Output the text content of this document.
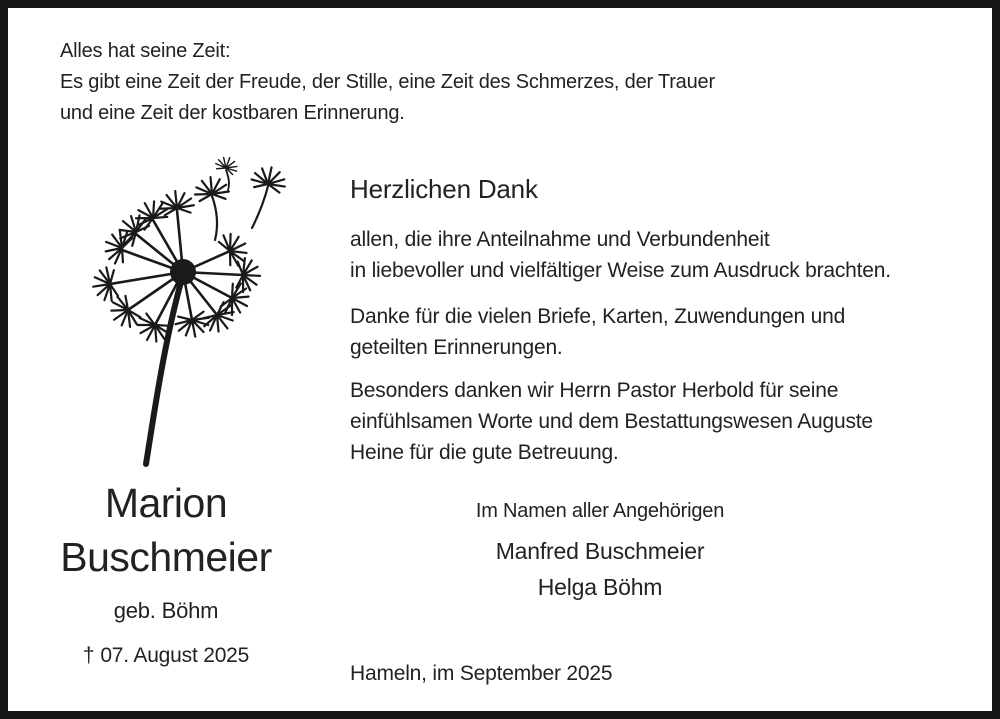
Alles hat seine Zeit:
Es gibt eine Zeit der Freude, der Stille, eine Zeit des Schmerzes, der Trauer
und eine Zeit der kostbaren Erinnerung.
Marion
Buschmeier
geb. Böhm
† 07. August 2025
Herzlichen Dank
allen, die ihre Anteilnahme und Verbundenheit
in liebevoller und vielfältiger Weise zum Ausdruck brachten.
Danke für die vielen Briefe, Karten, Zuwendungen und
geteilten Erinnerungen.
Besonders danken wir Herrn Pastor Herbold für seine
einfühlsamen Worte und dem Bestattungswesen Auguste
Heine für die gute Betreuung.
Im Namen aller Angehörigen
Manfred Buschmeier
Helga Böhm
Hameln, im September 2025
